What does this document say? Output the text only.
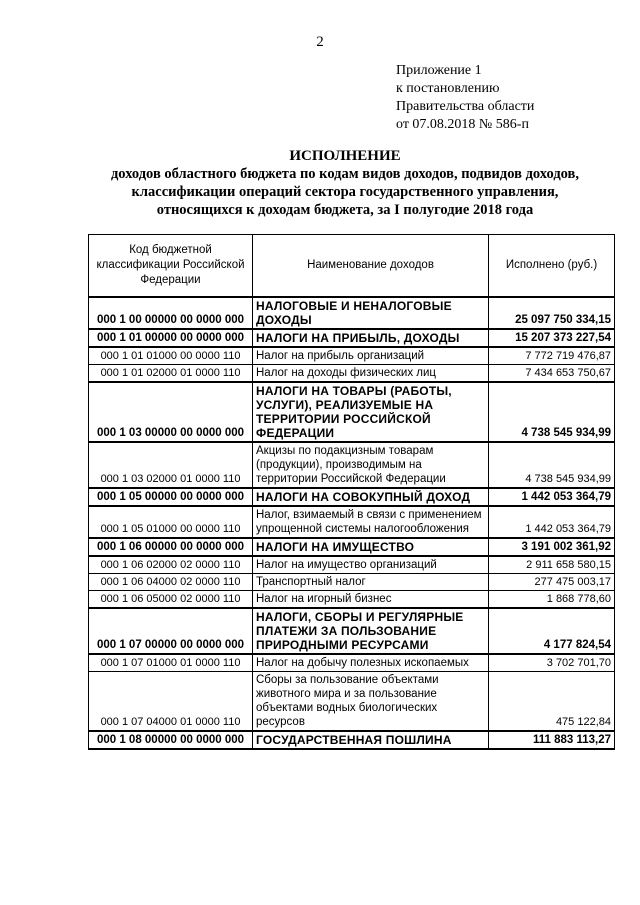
2
Приложение 1
к постановлению
Правительства области
от 07.08.2018 № 586-п
ИСПОЛНЕНИЕ
доходов областного бюджета по кодам видов доходов, подвидов доходов,
классификации операций сектора государственного управления,
относящихся к доходам бюджета, за I полугодие 2018 года
Код бюджетной классификации Российской Федерации	Наименование доходов	Исполнено (руб.)
000 1 00 00000 00 0000 000	НАЛОГОВЫЕ И НЕНАЛОГОВЫЕ ДОХОДЫ	25 097 750 334,15
000 1 01 00000 00 0000 000	НАЛОГИ НА ПРИБЫЛЬ, ДОХОДЫ	15 207 373 227,54
000 1 01 01000 00 0000 110	Налог на прибыль организаций	7 772 719 476,87
000 1 01 02000 01 0000 110	Налог на доходы физических лиц	7 434 653 750,67
000 1 03 00000 00 0000 000	НАЛОГИ НА ТОВАРЫ (РАБОТЫ, УСЛУГИ), РЕАЛИЗУЕМЫЕ НА ТЕРРИТОРИИ РОССИЙСКОЙ ФЕДЕРАЦИИ	4 738 545 934,99
000 1 03 02000 01 0000 110	Акцизы по подакцизным товарам (продукции), производимым на территории Российской Федерации	4 738 545 934,99
000 1 05 00000 00 0000 000	НАЛОГИ НА СОВОКУПНЫЙ ДОХОД	1 442 053 364,79
000 1 05 01000 00 0000 110	Налог, взимаемый в связи с применением упрощенной системы налогообложения	1 442 053 364,79
000 1 06 00000 00 0000 000	НАЛОГИ НА ИМУЩЕСТВО	3 191 002 361,92
000 1 06 02000 02 0000 110	Налог на имущество организаций	2 911 658 580,15
000 1 06 04000 02 0000 110	Транспортный налог	277 475 003,17
000 1 06 05000 02 0000 110	Налог на игорный бизнес	1 868 778,60
000 1 07 00000 00 0000 000	НАЛОГИ, СБОРЫ И РЕГУЛЯРНЫЕ ПЛАТЕЖИ ЗА ПОЛЬЗОВАНИЕ ПРИРОДНЫМИ РЕСУРСАМИ	4 177 824,54
000 1 07 01000 01 0000 110	Налог на добычу полезных ископаемых	3 702 701,70
000 1 07 04000 01 0000 110	Сборы за пользование объектами животного мира и за пользование объектами водных биологических ресурсов	475 122,84
000 1 08 00000 00 0000 000	ГОСУДАРСТВЕННАЯ ПОШЛИНА	111 883 113,27
